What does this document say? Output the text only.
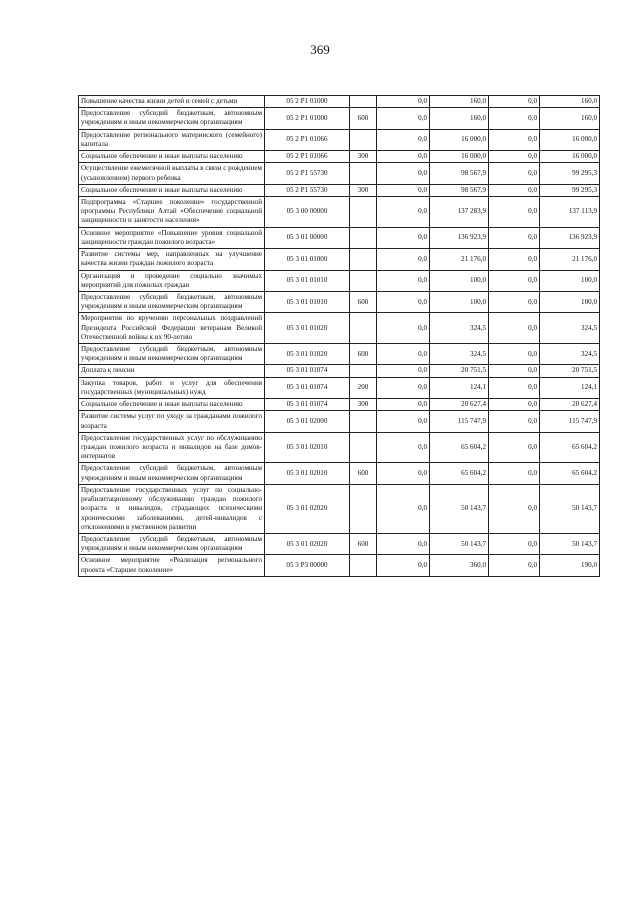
369
Повышение качества жизни детей и семей с детьми	05 2 P1 01000		0,0	160,0	0,0	160,0
Предоставление субсидий бюджетным, автономным учреждениям и иным некоммерческим организациям	05 2 P1 01000	600	0,0	160,0	0,0	160,0
Предоставление регионального материнского (семейного) капитала	05 2 P1 01066		0,0	16 000,0	0,0	16 000,0
Социальное обеспечение и иные выплаты населению	05 2 P1 01066	300	0,0	16 000,0	0,0	16 000,0
Осуществление ежемесячной выплаты в связи с рождением (усыновлением) первого ребенка	05 2 P1 55730		0,0	98 567,9	0,0	99 295,3
Социальное обеспечение и иные выплаты населению	05 2 P1 55730	300	0,0	98 567,9	0,0	99 295,3
Подпрограмма «Старшее поколение» государственной программы Республики Алтай «Обеспечение социальной защищенности и занятости населения»	05 3 00 00000		0,0	137 283,9	0,0	137 113,9
Основное мероприятие «Повышение уровня социальной защищенности граждан пожилого возраста»	05 3 01 00000		0,0	136 923,9	0,0	136 923,9
Развитие системы мер, направленных на улучшение качества жизни граждан пожилого возраста	05 3 01 01000		0,0	21 176,0	0,0	21 176,0
Организация и проведение социально значимых мероприятий для пожилых граждан	05 3 01 01010		0,0	100,0	0,0	100,0
Предоставление субсидий бюджетным, автономным учреждениям и иным некоммерческим организациям	05 3 01 01010	600	0,0	100,0	0,0	100,0
Мероприятия по вручению персональных поздравлений Президента Российской Федерации ветеранам Великой Отечественной войны к их 90-летию	05 3 01 01020		0,0	324,5	0,0	324,5
Предоставление субсидий бюджетным, автономным учреждениям и иным некоммерческим организациям	05 3 01 01020	600	0,0	324,5	0,0	324,5
Доплата к пенсии	05 3 01 01074		0,0	20 751,5	0,0	20 751,5
Закупка товаров, работ и услуг для обеспечения государственных (муниципальных) нужд	05 3 01 01074	200	0,0	124,1	0,0	124,1
Социальное обеспечение и иные выплаты населению	05 3 01 01074	300	0,0	20 627,4	0,0	20 627,4
Развитие системы услуг по уходу за гражданами пожилого возраста	05 3 01 02000		0,0	115 747,9	0,0	115 747,9
Предоставление государственных услуг по обслуживанию граждан пожилого возраста и инвалидов на базе домов-интернатов	05 3 01 02010		0,0	65 604,2	0,0	65 604,2
Предоставление субсидий бюджетным, автономным учреждениям и иным некоммерческим организациям	05 3 01 02010	600	0,0	65 604,2	0,0	65 604,2
Предоставление государственных услуг по социально-реабилитационному обслуживанию граждан пожилого возраста и инвалидов, страдающих психическими хроническими заболеваниями, детей-инвалидов с отклонениями в умственном развитии	05 3 01 02020		0,0	50 143,7	0,0	50 143,7
Предоставление субсидий бюджетным, автономным учреждениям и иным некоммерческим организациям	05 3 01 02020	600	0,0	50 143,7	0,0	50 143,7
Основное мероприятие «Реализация регионального проекта «Старшее поколение»	05 3 P3 00000		0,0	360,0	0,0	190,0
